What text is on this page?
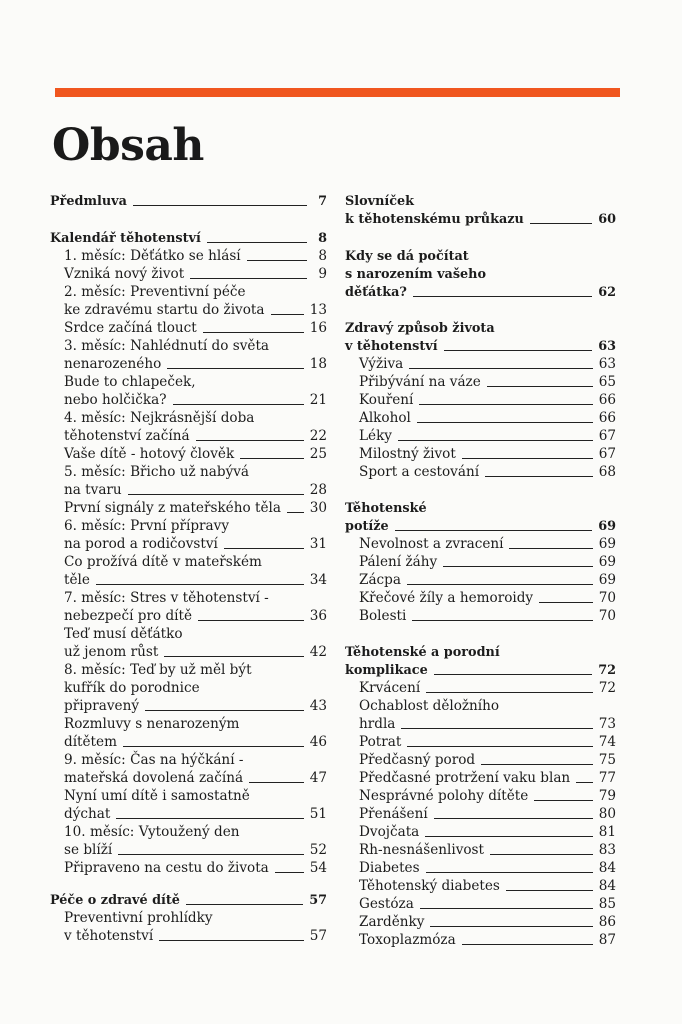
Obsah
Předmluva	7
Kalendář těhotenství	8
1. měsíc: Děťátko se hlásí	8
Vzniká nový život	9
2. měsíc: Preventivní péče
ke zdravému startu do života	13
Srdce začíná tlouct	16
3. měsíc: Nahlédnutí do světa
nenarozeného	18
Bude to chlapeček,
nebo holčička?	21
4. měsíc: Nejkrásnější doba
těhotenství začíná	22
Vaše dítě - hotový člověk	25
5. měsíc: Břicho už nabývá
na tvaru	28
První signály z mateřského těla 30
6. měsíc: První přípravy
na porod a rodičovství	31
Co prožívá dítě v mateřském
těle	34
7. měsíc: Stres v těhotenství -
nebezpečí pro dítě	36
Teď musí děťátko
už jenom růst	42
8. měsíc: Teď by už měl být
kufřík do porodnice
připravený	43
Rozmluvy s nenarozeným
dítětem	46
9. měsíc: Čas na hýčkání -
mateřská dovolená začíná	47
Nyní umí dítě i samostatně
dýchat	51
10. měsíc: Vytoužený den
se blíží	52
Připraveno na cestu do života	54
Péče o zdravé dítě	57
Preventivní prohlídky
v těhotenství	57
Slovníček
k těhotenskému průkazu	60
Kdy se dá počítat
s narozením vašeho
děťátka?	62
Zdravý způsob života
v těhotenství	63
Výživa	63
Přibývání na váze	65
Kouření	66
Alkohol	66
Léky	67
Milostný život	67
Sport a cestování	68
Těhotenské
potíže	69
Nevolnost a zvracení	69
Pálení žáhy	69
Zácpa	69
Křečové žíly a hemoroidy	70
Bolesti	70
Těhotenské a porodní
komplikace	72
Krvácení	72
Ochablost děložního
hrdla	73
Potrat	74
Předčasný porod	75
Předčasné protržení vaku blan 77
Nesprávné polohy dítěte	79
Přenášení	80
Dvojčata	81
Rh-nesnášenlivost	83
Diabetes	84
Těhotenský diabetes	84
Gestóza	85
Zarděnky	86
Toxoplazmóza	87
